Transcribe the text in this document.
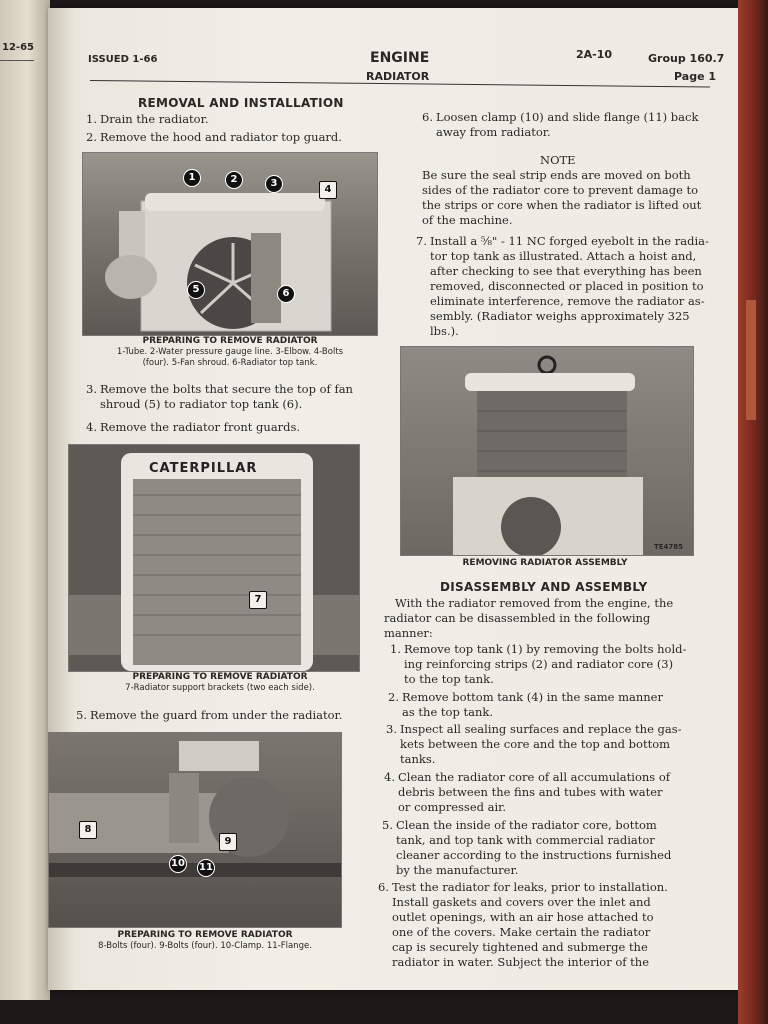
12-65
ISSUED 1-66	ENGINE
RADIATOR
2A-10	Group 160.7
Page 1
REMOVAL AND INSTALLATION
1. Drain the radiator.
2. Remove the hood and radiator top guard.
1	2	3
4
5	6
PREPARING TO REMOVE RADIATOR
1-Tube. 2-Water pressure gauge line. 3-Elbow. 4-Bolts
(four). 5-Fan shroud. 6-Radiator top tank.
3. Remove the bolts that secure the top of fan
shroud (5) to radiator top tank (6).
4. Remove the radiator front guards.
CATERPILLAR
7
PREPARING TO REMOVE RADIATOR
7-Radiator support brackets (two each side).
5. Remove the guard from under the radiator.
8
9
10 11
PREPARING TO REMOVE RADIATOR
8-Bolts (four). 9-Bolts (four). 10-Clamp. 11-Flange.
6. Loosen clamp (10) and slide flange (11) back
away from radiator.
NOTE
Be sure the seal strip ends are moved on both
sides of the radiator core to prevent damage to
the strips or core when the radiator is lifted out
of the machine.
7. Install a ⅝" - 11 NC forged eyebolt in the radia-
tor top tank as illustrated. Attach a hoist and,
after checking to see that everything has been
removed, disconnected or placed in position to
eliminate interference, remove the radiator as-
sembly. (Radiator weighs approximately 325
lbs.).
TE4785
REMOVING RADIATOR ASSEMBLY
DISASSEMBLY AND ASSEMBLY
With the radiator removed from the engine, the
radiator can be disassembled in the following
manner:
1. Remove top tank (1) by removing the bolts hold-
ing reinforcing strips (2) and radiator core (3)
to the top tank.
2. Remove bottom tank (4) in the same manner
as the top tank.
3. Inspect all sealing surfaces and replace the gas-
kets between the core and the top and bottom
tanks.
4. Clean the radiator core of all accumulations of
debris between the fins and tubes with water
or compressed air.
5. Clean the inside of the radiator core, bottom
tank, and top tank with commercial radiator
cleaner according to the instructions furnished
by the manufacturer.
6. Test the radiator for leaks, prior to installation.
Install gaskets and covers over the inlet and
outlet openings, with an air hose attached to
one of the covers. Make certain the radiator
cap is securely tightened and submerge the
radiator in water. Subject the interior of the
